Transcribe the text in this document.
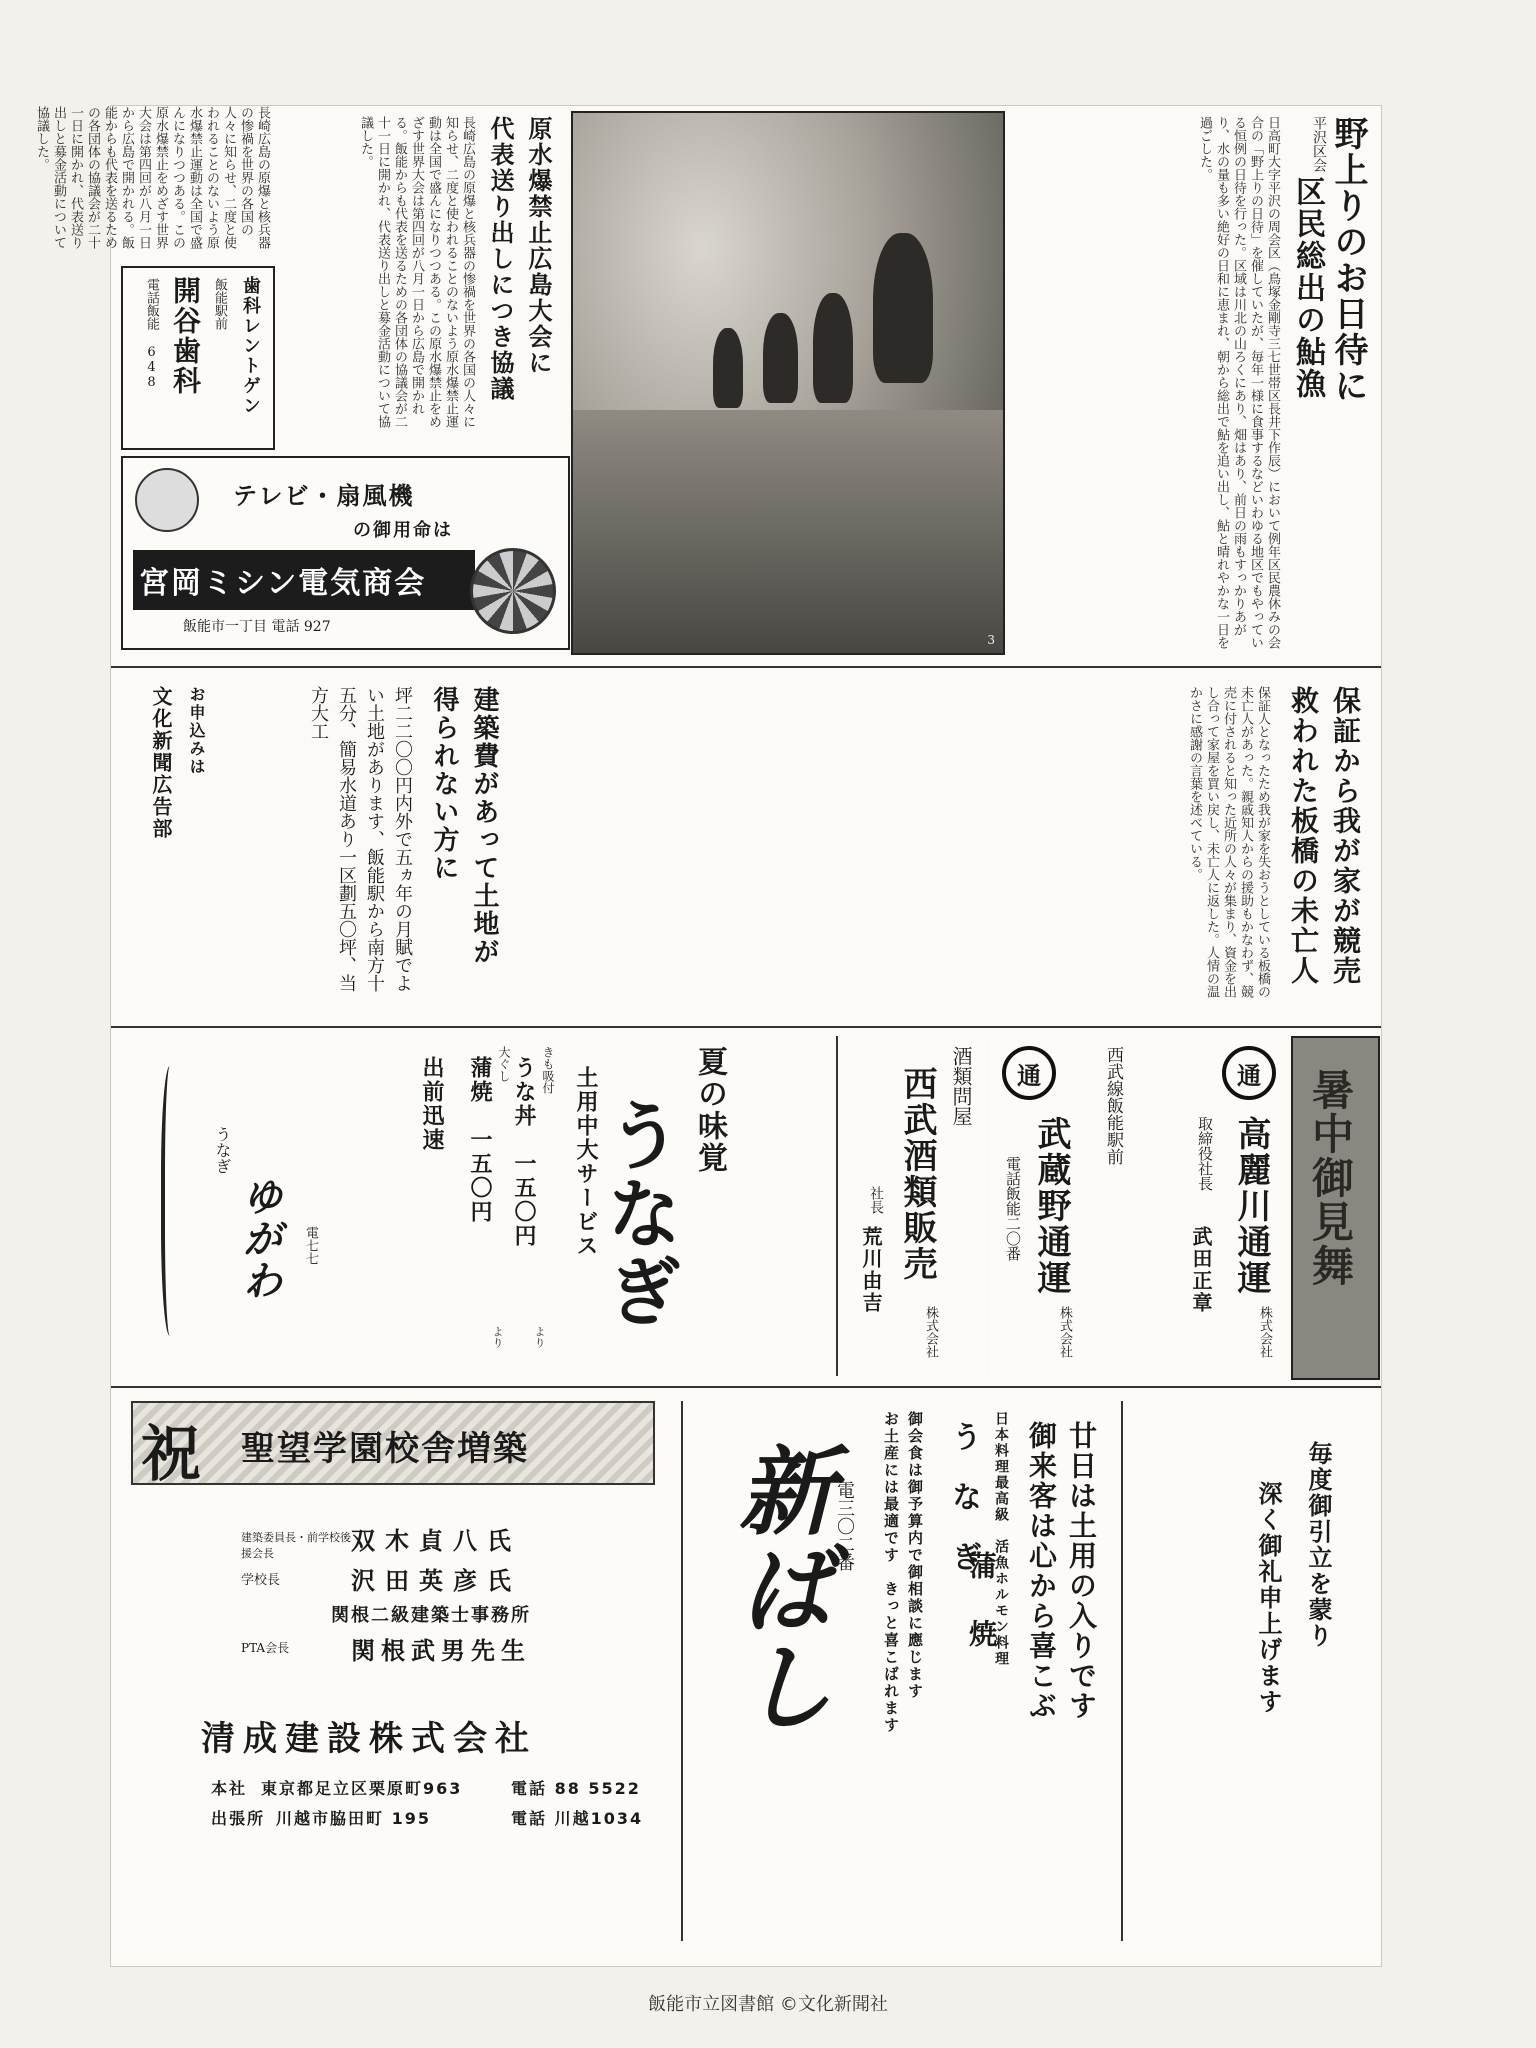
野上りのお日待に
平沢区会
区民総出の鮎漁
日高町大字平沢の周会区（鳥塚金剛寺三七世帯区長井下作辰）において例年区民農休みの会合の「野上りの日待」を催していたが、毎年一様に食事するなどいわゆる地区でもやっている恒例の日待を行った。区域は川北の山ろくにあり、畑はあり、前日の雨もすっかりあがり、水の量も多い絶好の日和に恵まれ、朝から総出で鮎を追い出し、鮎と晴れやかな一日を過ごした。
3
原水爆禁止広島大会に
代表送り出しにつき協議
長崎広島の原爆と核兵器の惨禍を世界の各国の人々に知らせ、二度と使われることのないよう原水爆禁止運動は全国で盛んになりつつある。この原水爆禁止をめざす世界大会は第四回が八月一日から広島で開かれる。飯能からも代表を送るための各団体の協議会が二十一日に開かれ、代表送り出しと募金活動について協議した。
歯科レントゲン
飯能駅前
開谷歯科
電話飯能 648
長崎広島の原爆と核兵器の惨禍を世界の各国の人々に知らせ、二度と使われることのないよう原水爆禁止運動は全国で盛んになりつつある。この原水爆禁止をめざす世界大会は第四回が八月一日から広島で開かれる。飯能からも代表を送るための各団体の協議会が二十一日に開かれ、代表送り出しと募金活動について協議した。
テレビ・扇風機
の御用命は
宮岡ミシン電気商会
飯能市一丁目 電話 927
保証から我が家が競売
救われた板橋の未亡人
保証人となったため我が家を失おうとしている板橋の未亡人があった。親戚知人からの援助もかなわず、競売に付されると知った近所の人々が集まり、資金を出し合って家屋を買い戻し、未亡人に返した。人情の温かさに感謝の言葉を述べている。
建築費があって土地が
得られない方に
坪二二〇〇円内外で五ヵ年の月賦でよい土地があります、飯能駅から南方十五分、簡易水道あり一区劃五〇坪、当方大工
お申込みは
文化新聞広告部
暑中御見舞
通
高麗川通運
株式会社
取締役社長
武田正章
通	西武線飯能駅前
武蔵野通運
株式会社
電話飯能二〇番
酒類問屋
西武酒類販売
株式会社
社長
荒川由吉
夏の味覚
うなぎ
土用中大サービス
きも吸付
うな丼　一五〇円
より
大ぐし
蒲焼　一五〇円
より
出前迅速
うなぎ
ゆがわ	電七七
祝 聖望学園校舎増築
建築委員長・前学校後援会長	双木貞八氏
学校長	沢田英彦氏
関根二級建築士事務所
PTA会長	関根武男先生
清成建設株式会社
本社 東京都足立区栗原町963	電話 88 5522
出張所 川越市脇田町 195	電話 川越1034
新ばし 電三〇二番 お土産には最適です　きっと喜こばれます 御会食は御予算内で御相談に應じます	日本料理最高級　活魚ホルモン料理
うなぎ
蒲焼 廿日は土用の入りです
御来客は心から喜こぶ	毎度御引立を蒙り
深く御礼申上げます
飯能市立図書館 ©文化新聞社
